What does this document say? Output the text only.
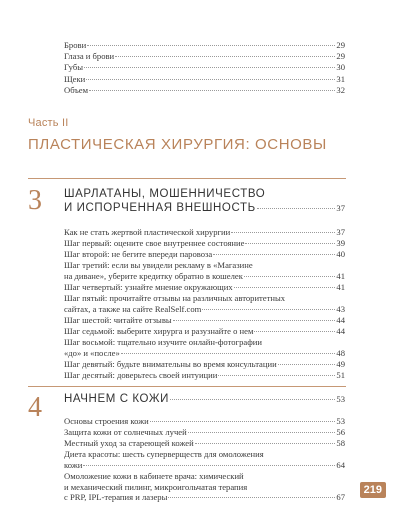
Брови	29
Глаза и брови	29
Губы	30
Щеки	31
Объем	32
Часть II
ПЛАСТИЧЕСКАЯ ХИРУРГИЯ: ОСНОВЫ
3 ШАРЛАТАНЫ, МОШЕННИЧЕСТВО
И ИСПОРЧЕННАЯ ВНЕШНОСТЬ	37
Как не стать жертвой пластической хирургии	37
Шаг первый: оцените свое внутреннее состояние	39
Шаг второй: не бегите впереди паровоза	40
Шаг третий: если вы увидели рекламу в «Магазине
на диване», уберите кредитку обратно в кошелек	41
Шаг четвертый: узнайте мнение окружающих	41
Шаг пятый: прочитайте отзывы на различных авторитетных
сайтах, а также на сайте RealSelf.com	43
Шаг шестой: читайте отзывы	44
Шаг седьмой: выберите хирурга и разузнайте о нем	44
Шаг восьмой: тщательно изучите онлайн-фотографии
«до» и «после»	48
Шаг девятый: будьте внимательны во время консультации	49
Шаг десятый: доверьтесь своей интуиции	51
4 НАЧНЕМ С КОЖИ	53
Основы строения кожи	53
Защита кожи от солнечных лучей	56
Местный уход за стареющей кожей	58
Диета красоты: шесть суперверществ для омоложения
кожи	64
Омоложение кожи в кабинете врача: химический
и механический пилинг, микроигольчатая терапия
с PRP, IPL-терапия и лазеры	67
219
